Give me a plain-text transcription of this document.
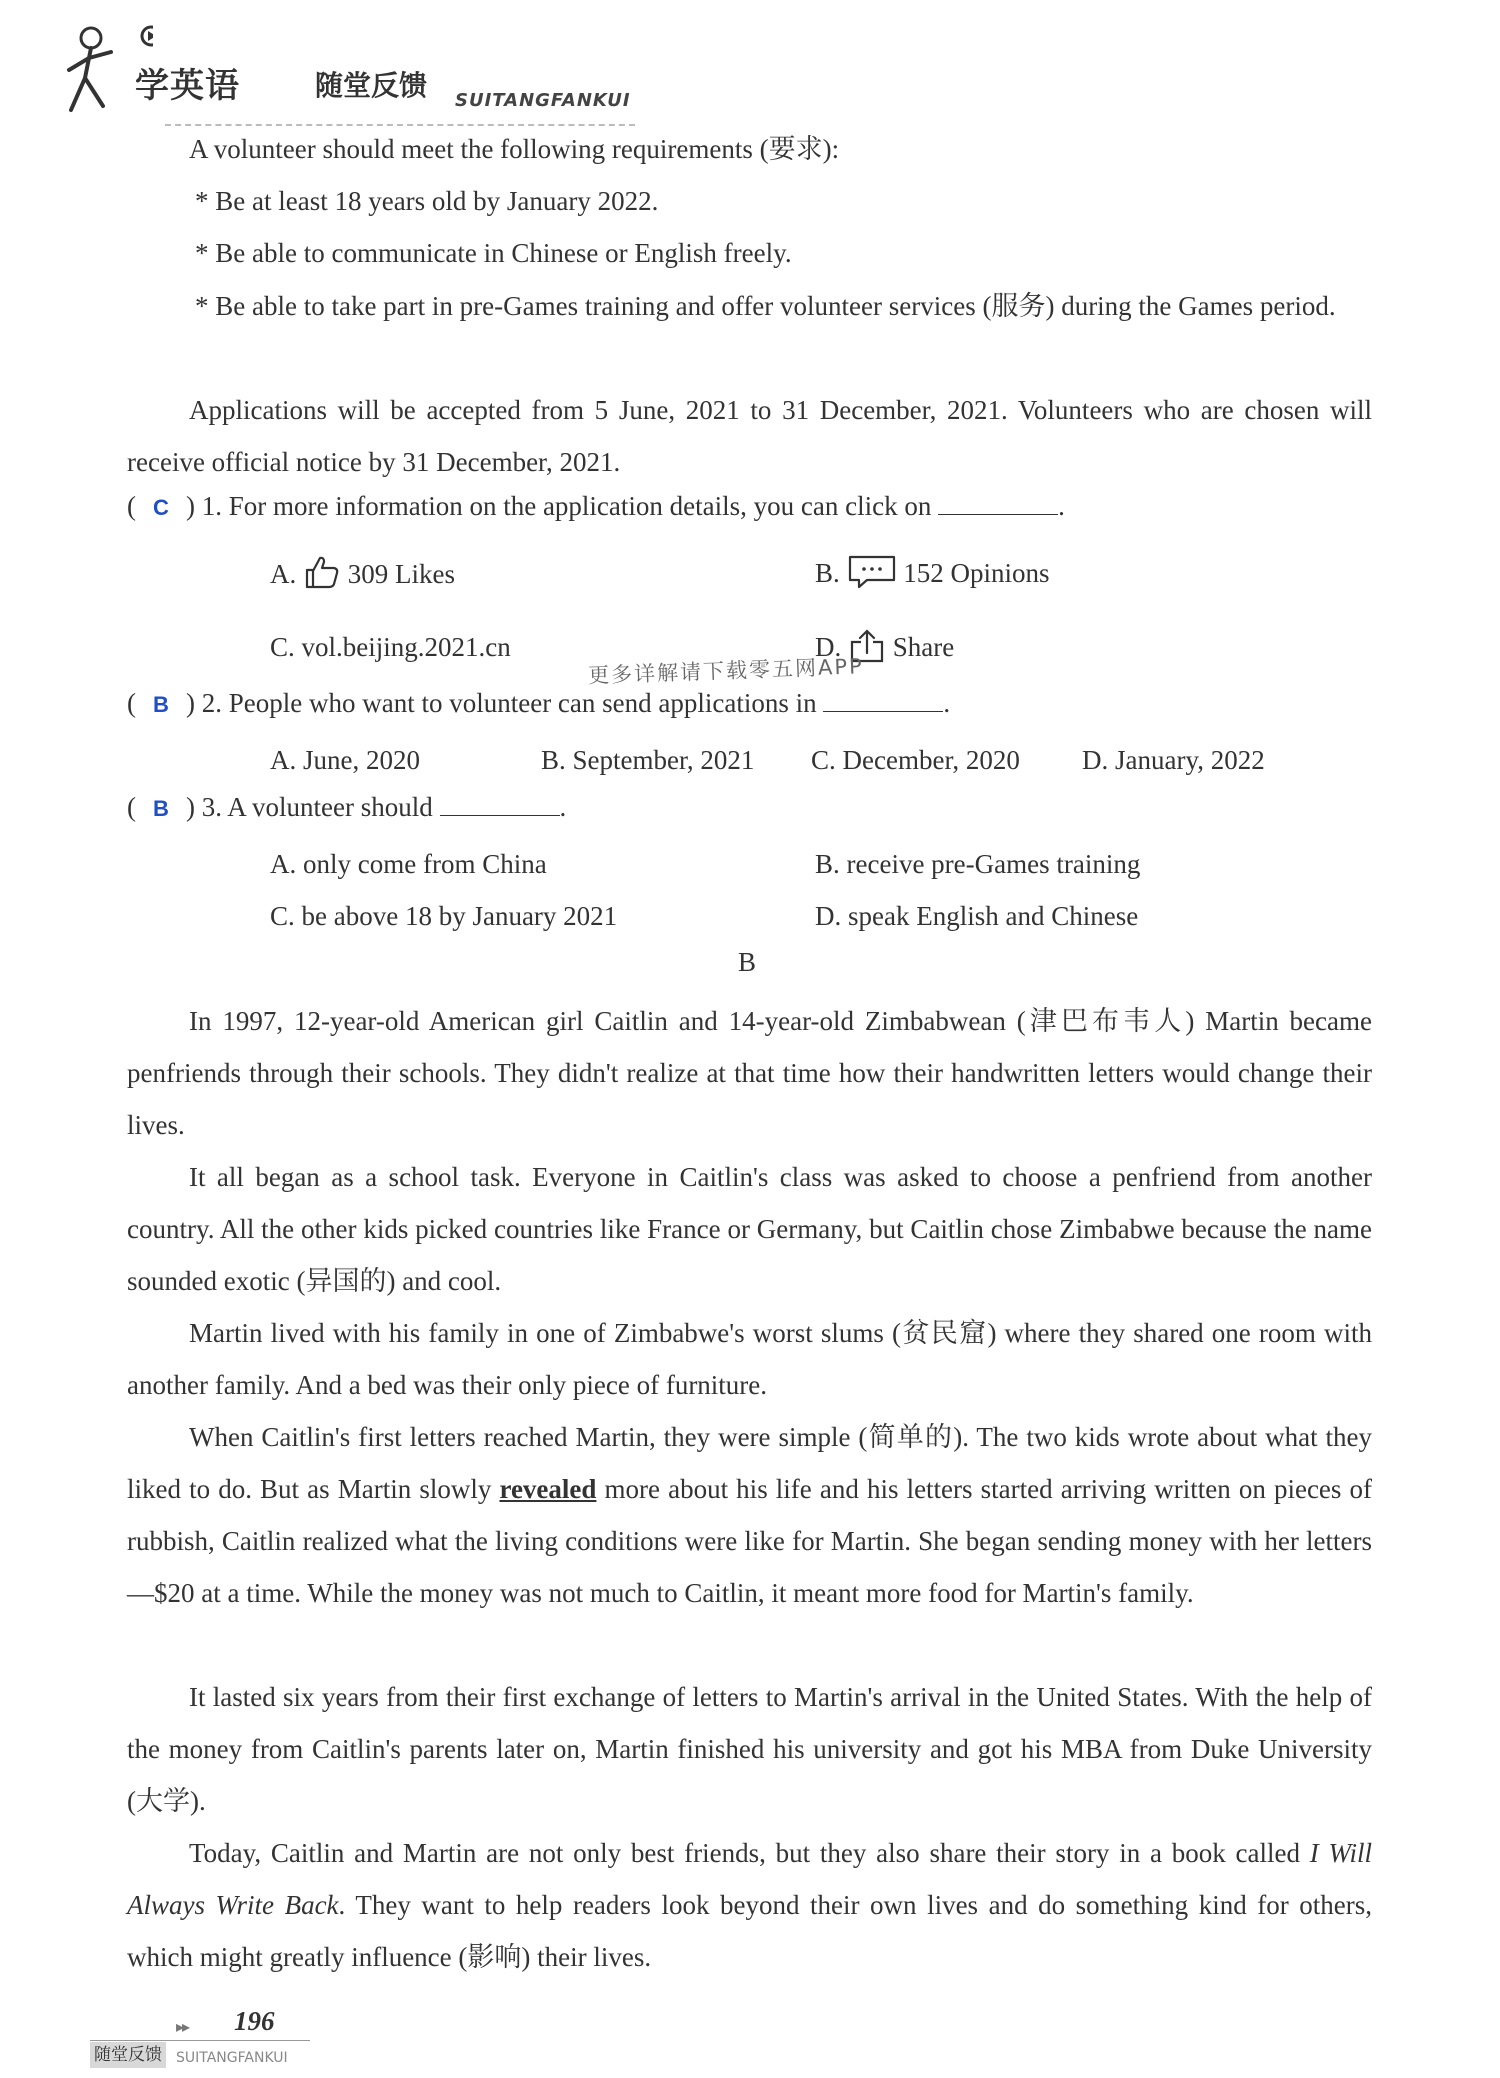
学英语	随堂反馈 SUITANGFANKUI
A volunteer should meet the following requirements (要求):
* Be at least 18 years old by January 2022.
* Be able to communicate in Chinese or English freely.

* Be able to take part in pre-Games training and offer volunteer services (服务) during the Games period.

Applications will be accepted from 5 June, 2021 to 31 December, 2021. Volunteers who are chosen will receive official notice by 31 December, 2021.

( C ) 1. For more information on the application details, you can click on	.
A. 309 Likes	B. 152 Opinions
C. vol.beijing.2021.cn	D. Share
更多详解请下载零五网APP
( B ) 2. People who want to volunteer can send applications in	.
A. June, 2020	B. September, 2021 C. December, 2020 D. January, 2022
( B ) 3. A volunteer should	.
A. only come from China	B. receive pre-Games training
C. be above 18 by January 2021	D. speak English and Chinese
B

In 1997, 12-year-old American girl Caitlin and 14-year-old Zimbabwean (津巴布韦人) Martin became penfriends through their schools. They didn't realize at that time how their handwritten letters would change their lives.

It all began as a school task. Everyone in Caitlin's class was asked to choose a penfriend from another country. All the other kids picked countries like France or Germany, but Caitlin chose Zimbabwe because the name sounded exotic (异国的) and cool.

Martin lived with his family in one of Zimbabwe's worst slums (贫民窟) where they shared one room with another family. And a bed was their only piece of furniture.

When Caitlin's first letters reached Martin, they were simple (简单的). The two kids wrote about what they liked to do. But as Martin slowly revealed more about his life and his letters started arriving written on pieces of rubbish, Caitlin realized what the living conditions were like for Martin. She began sending money with her letters—$20 at a time. While the money was not much to Caitlin, it meant more food for Martin's family.

It lasted six years from their first exchange of letters to Martin's arrival in the United States. With the help of the money from Caitlin's parents later on, Martin finished his university and got his MBA from Duke University (大学).

Today, Caitlin and Martin are not only best friends, but they also share their story in a book called I Will Always Write Back. They want to help readers look beyond their own lives and do something kind for others, which might greatly influence (影响) their lives.

▸▸ 196
随堂反馈 SUITANGFANKUI
